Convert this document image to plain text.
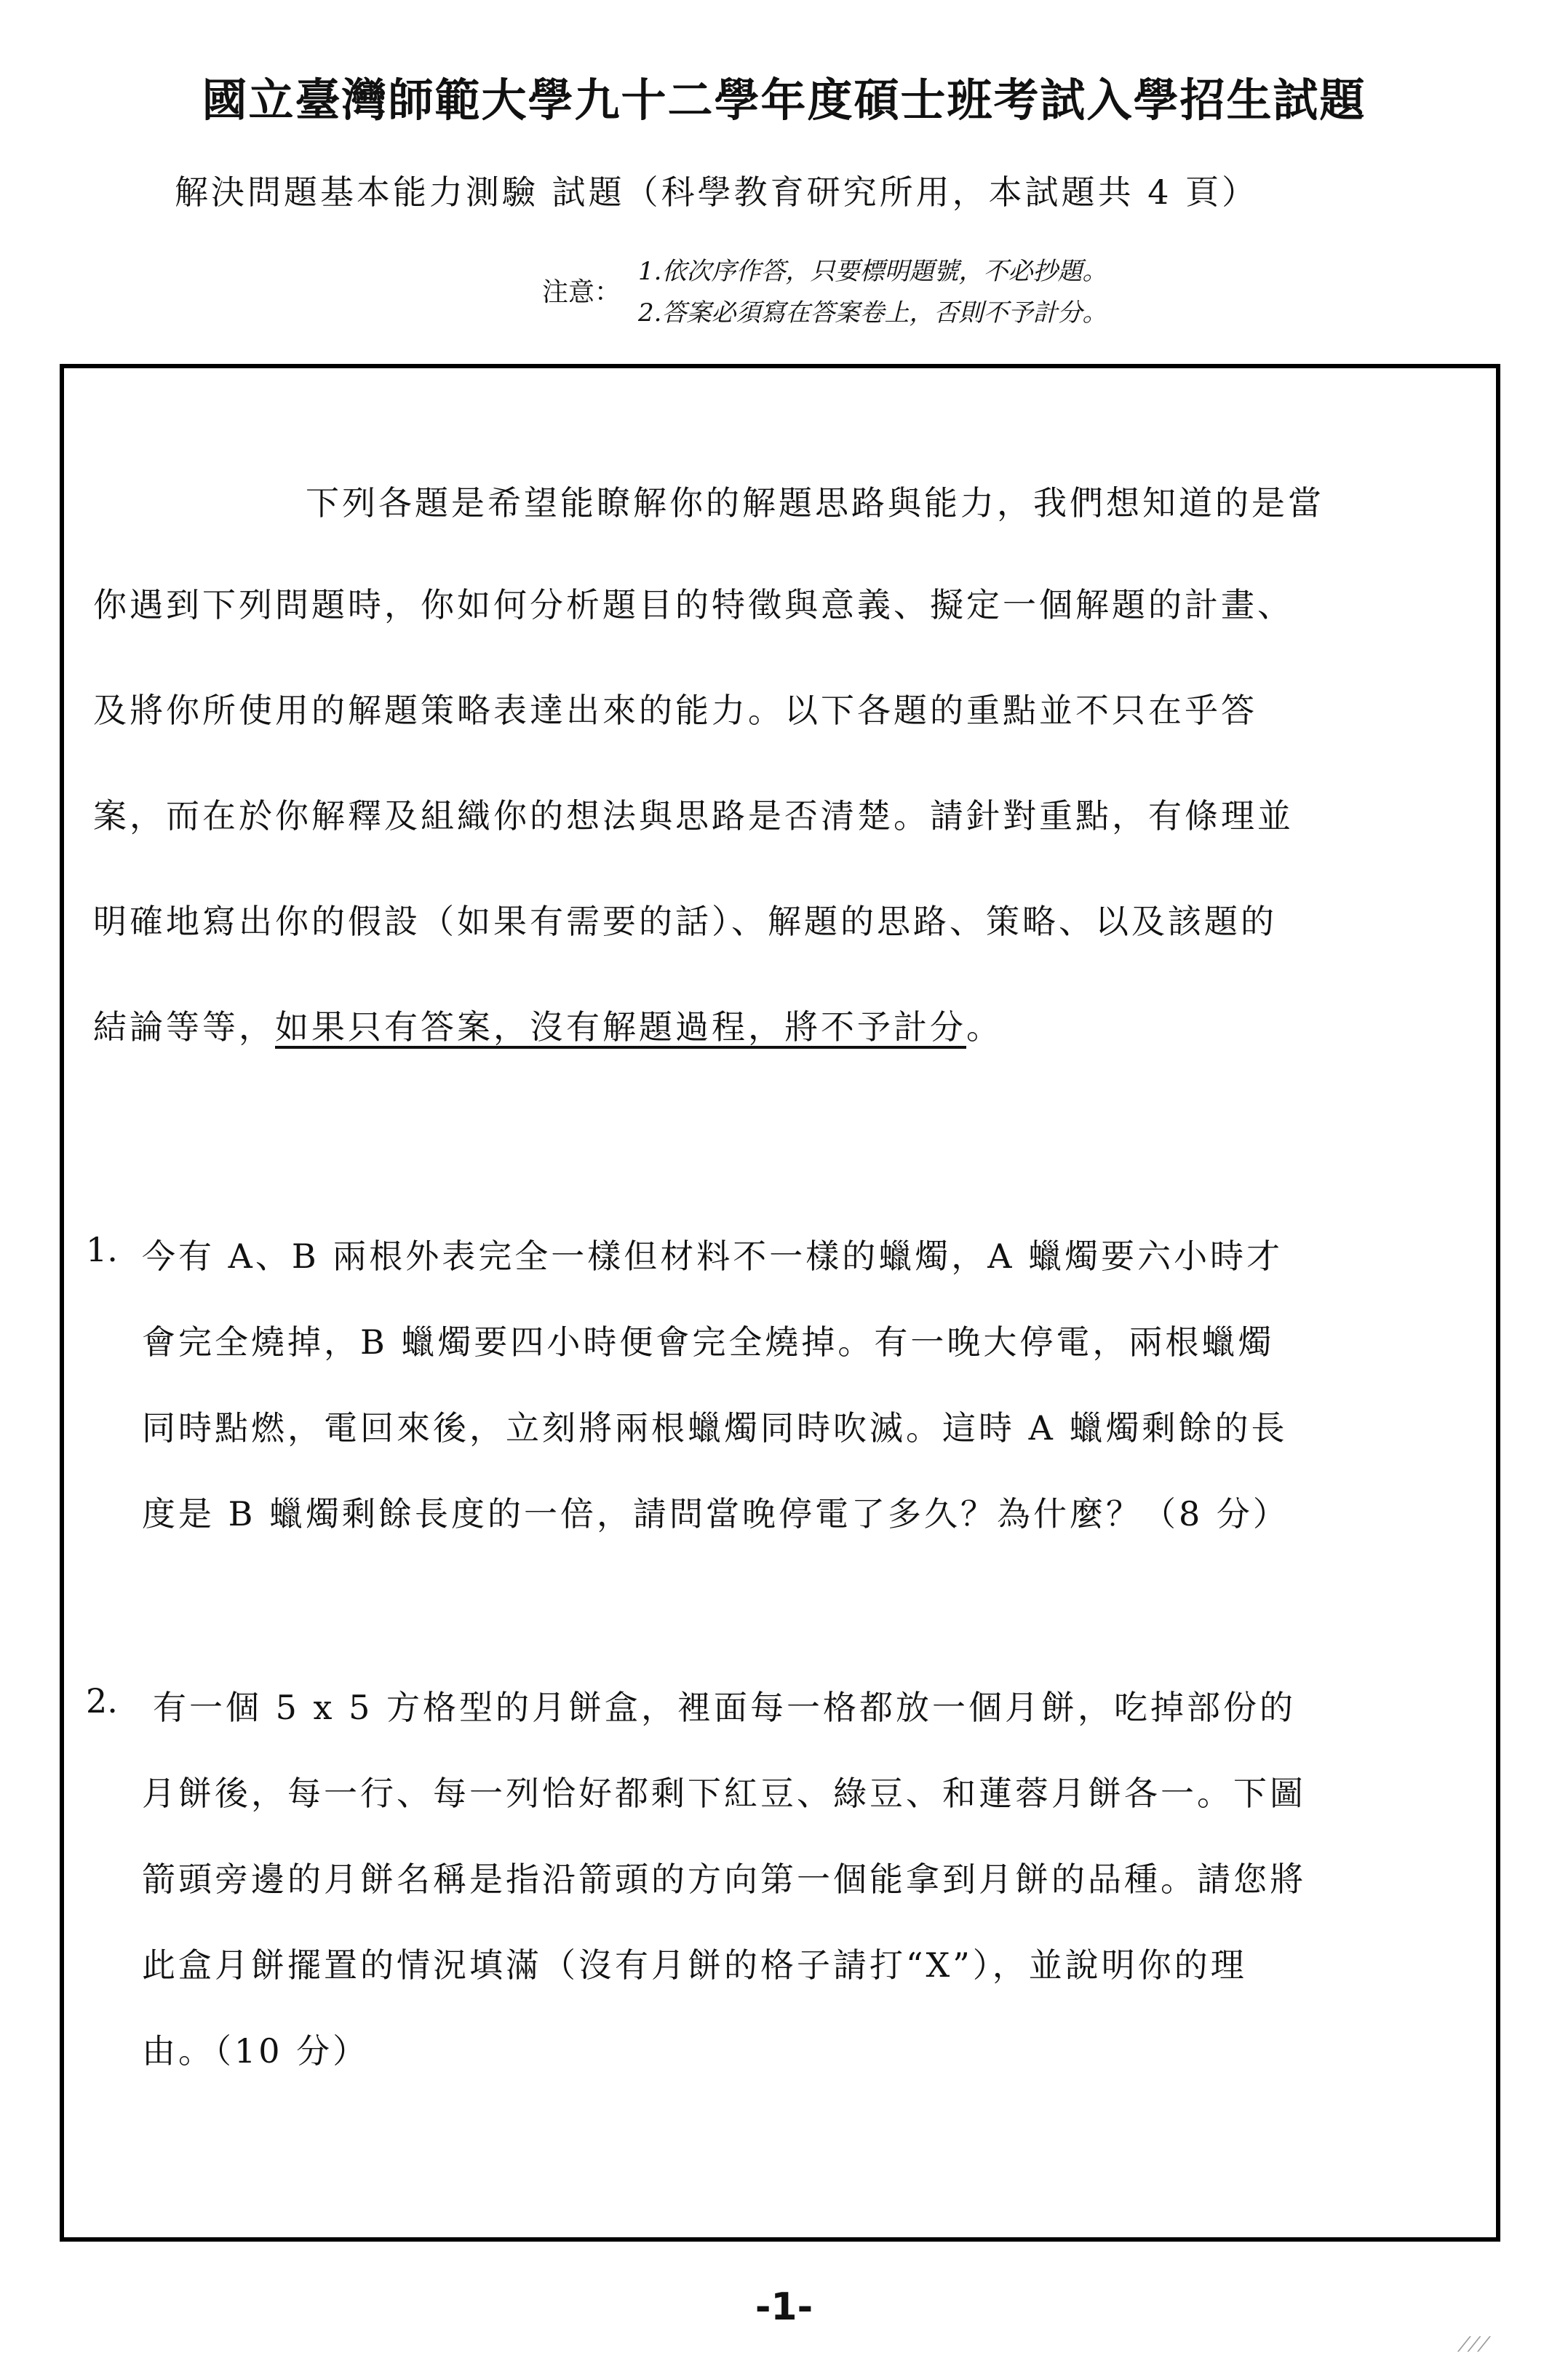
國立臺灣師範大學九十二學年度碩士班考試入學招生試題
解決問題基本能力測驗 試題（科學教育研究所用，本試題共 4 頁）
注意：
1.依次序作答，只要標明題號，不必抄題。
2.答案必須寫在答案卷上，否則不予計分。
下列各題是希望能瞭解你的解題思路與能力，我們想知道的是當
你遇到下列問題時，你如何分析題目的特徵與意義、擬定一個解題的計畫、
及將你所使用的解題策略表達出來的能力。以下各題的重點並不只在乎答
案，而在於你解釋及組織你的想法與思路是否清楚。請針對重點，有條理並
明確地寫出你的假設（如果有需要的話）、解題的思路、策略、以及該題的
結論等等，如果只有答案，沒有解題過程，將不予計分。
1. 今有 A、B 兩根外表完全一樣但材料不一樣的蠟燭，A 蠟燭要六小時才
會完全燒掉，B 蠟燭要四小時便會完全燒掉。有一晚大停電，兩根蠟燭
同時點燃，電回來後，立刻將兩根蠟燭同時吹滅。這時 A 蠟燭剩餘的長
度是 B 蠟燭剩餘長度的一倍，請問當晚停電了多久？為什麼？（8 分）
2. 有一個 5 x 5 方格型的月餅盒，裡面每一格都放一個月餅，吃掉部份的
月餅後，每一行、每一列恰好都剩下紅豆、綠豆、和蓮蓉月餅各一。下圖
箭頭旁邊的月餅名稱是指沿箭頭的方向第一個能拿到月餅的品種。請您將
此盒月餅擺置的情況填滿（沒有月餅的格子請打“X”），並說明你的理
由。（10 分）
-1-
⁄ ⁄ ⁄
